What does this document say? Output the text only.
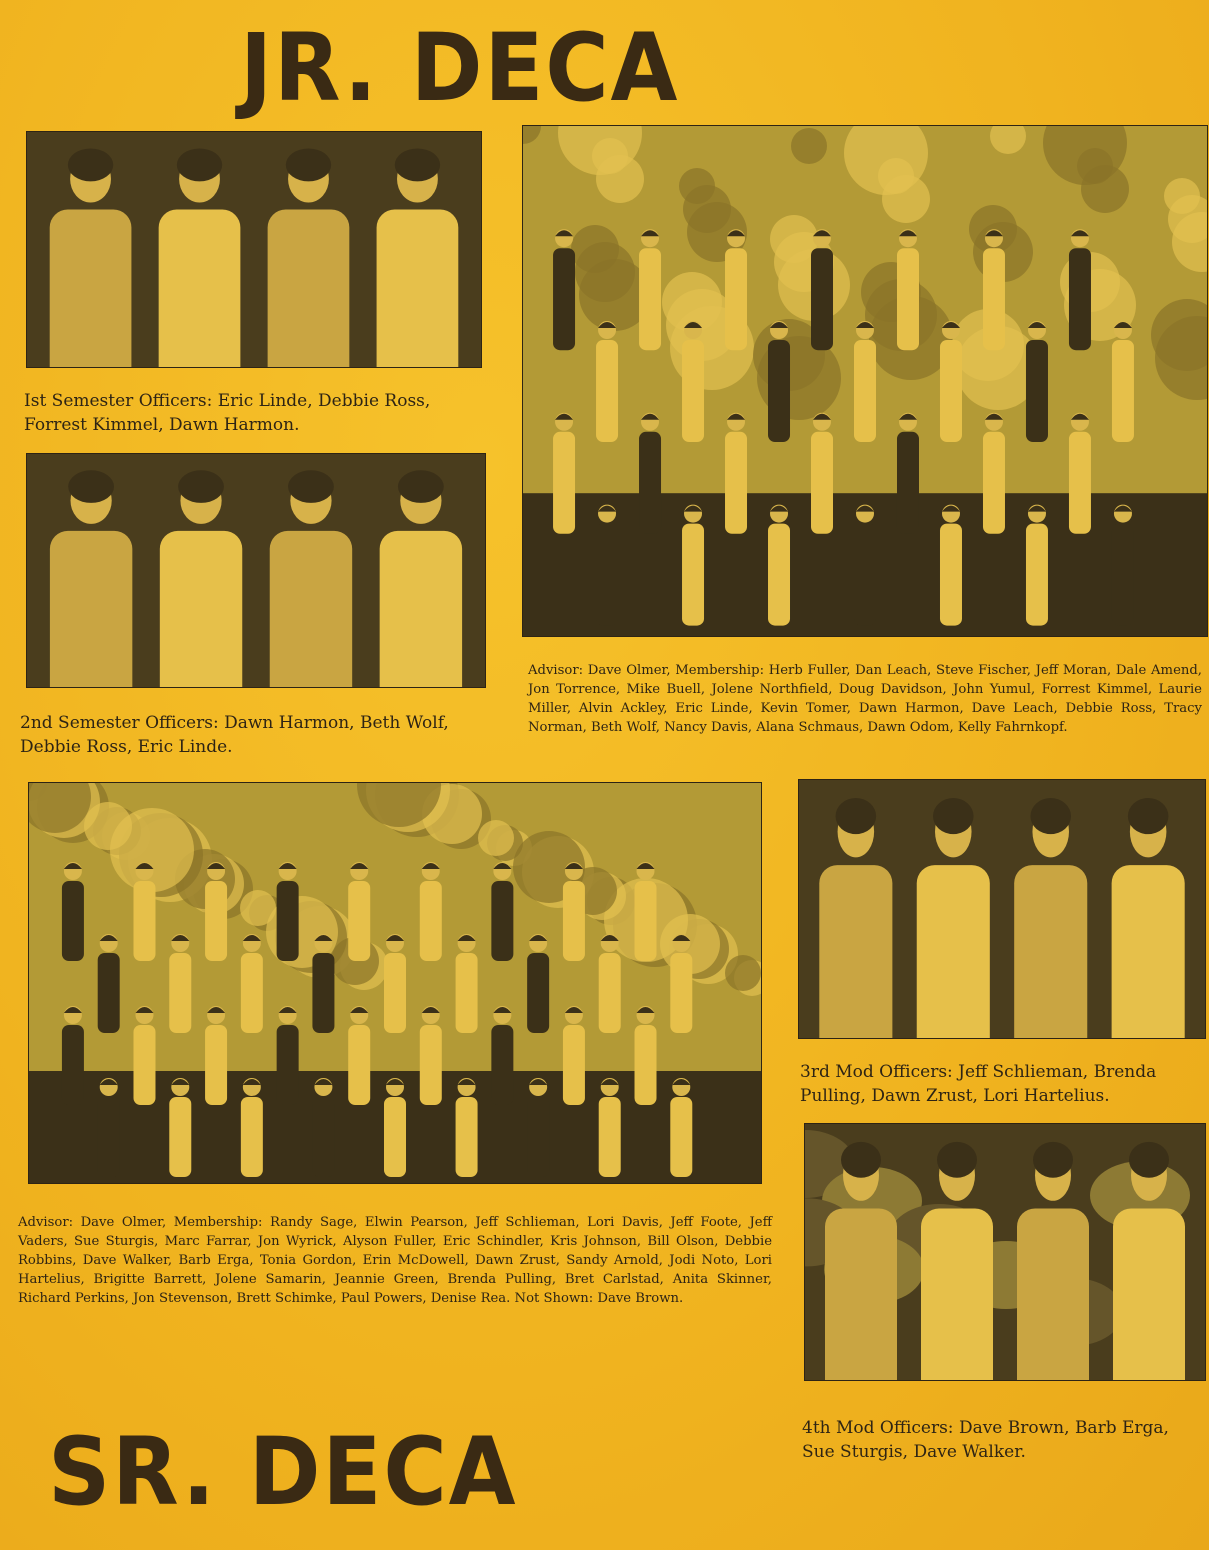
JR. DECA

Ist Semester Officers: Eric Linde, Debbie Ross, Forrest Kimmel, Dawn Harmon.

2nd Semester Officers: Dawn Harmon, Beth Wolf, Debbie Ross, Eric Linde.

Advisor: Dave Olmer, Membership: Herb Fuller, Dan Leach, Steve Fischer, Jeff Moran, Dale Amend, Jon Torrence, Mike Buell, Jolene Northfield, Doug Davidson, John Yumul, Forrest Kimmel, Laurie Miller, Alvin Ackley, Eric Linde, Kevin Tomer, Dawn Harmon, Dave Leach, Debbie Ross, Tracy Norman, Beth Wolf, Nancy Davis, Alana Schmaus, Dawn Odom, Kelly Fahrnkopf.

Advisor: Dave Olmer, Membership: Randy Sage, Elwin Pearson, Jeff Schlieman, Lori Davis, Jeff Foote, Jeff Vaders, Sue Sturgis, Marc Farrar, Jon Wyrick, Alyson Fuller, Eric Schindler, Kris Johnson, Bill Olson, Debbie Robbins, Dave Walker, Barb Erga, Tonia Gordon, Erin McDowell, Dawn Zrust, Sandy Arnold, Jodi Noto, Lori Hartelius, Brigitte Barrett, Jolene Samarin, Jeannie Green, Brenda Pulling, Bret Carlstad, Anita Skinner, Richard Perkins, Jon Stevenson, Brett Schimke, Paul Powers, Denise Rea. Not Shown: Dave Brown.

3rd Mod Officers: Jeff Schlieman, Brenda Pulling, Dawn Zrust, Lori Hartelius.

4th Mod Officers: Dave Brown, Barb Erga, Sue Sturgis, Dave Walker.

SR. DECA
